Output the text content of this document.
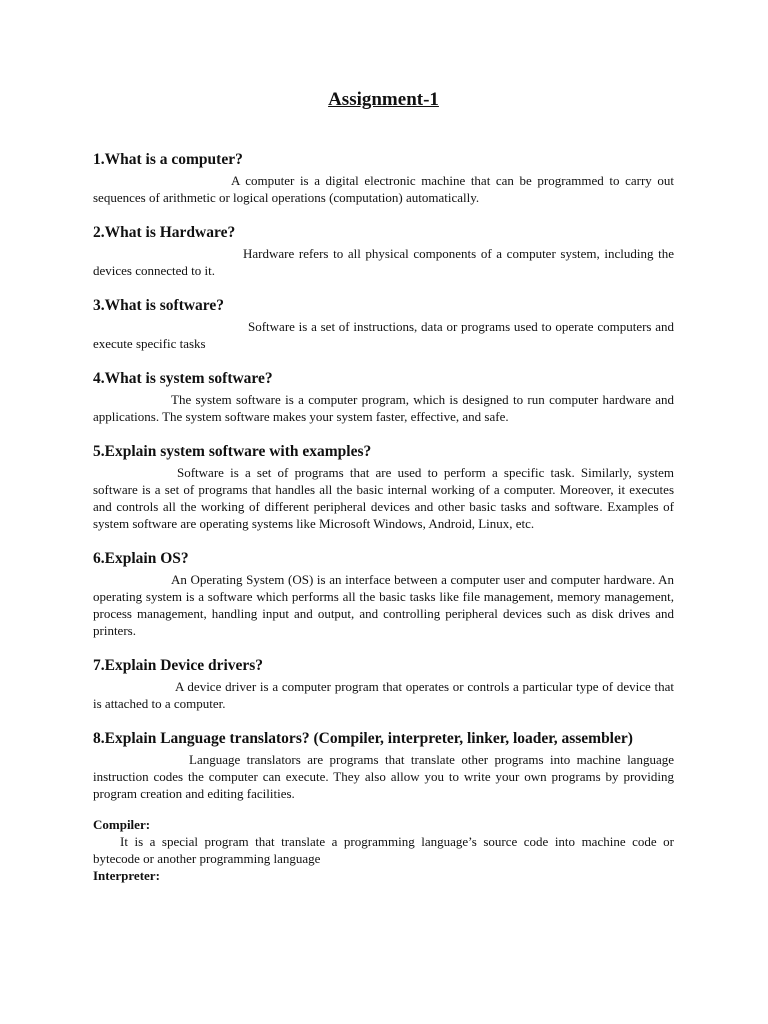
Assignment-1
1.What is a computer?

A computer is a digital electronic machine that can be programmed to carry out sequences of arithmetic or logical operations (computation) automatically.

2.What is Hardware?

Hardware refers to all physical components of a computer system, including the devices connected to it.

3.What is software?

Software is a set of instructions, data or programs used to operate computers and execute specific tasks

4.What is system software?

The system software is a computer program, which is designed to run computer hardware and applications. The system software makes your system faster, effective, and safe.

5.Explain system software with examples?

Software is a set of programs that are used to perform a specific task. Similarly, system software is a set of programs that handles all the basic internal working of a computer. Moreover, it executes and controls all the working of different peripheral devices and other basic tasks and software. Examples of system software are operating systems like Microsoft Windows, Android, Linux, etc.

6.Explain OS?

An Operating System (OS) is an interface between a computer user and computer hardware. An operating system is a software which performs all the basic tasks like file management, memory management, process management, handling input and output, and controlling peripheral devices such as disk drives and printers.

7.Explain Device drivers?

A device driver is a computer program that operates or controls a particular type of device that is attached to a computer.

8.Explain Language translators? (Compiler, interpreter, linker, loader, assembler)

Language translators are programs that translate other programs into machine language instruction codes the computer can execute. They also allow you to write your own programs by providing program creation and editing facilities.

Compiler:

It is a special program that translate a programming language’s source code into machine code or bytecode or another programming language

Interpreter:
